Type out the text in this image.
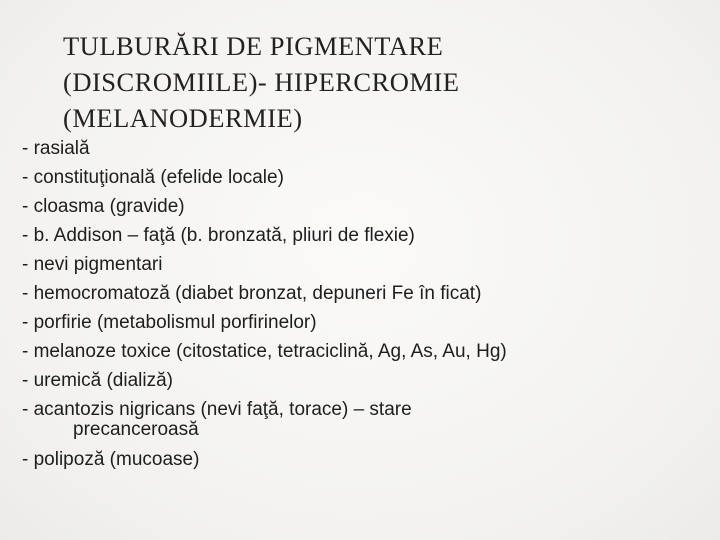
TULBURĂRI DE PIGMENTARE
(DISCROMIILE)- HIPERCROMIE
(MELANODERMIE)
- rasială
- constituţională (efelide locale)
- cloasma (gravide)
- b. Addison – faţă (b. bronzată, pliuri de flexie)
- nevi pigmentari
- hemocromatoză (diabet bronzat, depuneri Fe în ficat)
- porfirie (metabolismul porfirinelor)
- melanoze toxice (citostatice, tetraciclină, Ag, As, Au, Hg)
- uremică (dializă)
- acantozis nigricans (nevi faţă, torace) – stare
precanceroasă
- polipoză (mucoase)
